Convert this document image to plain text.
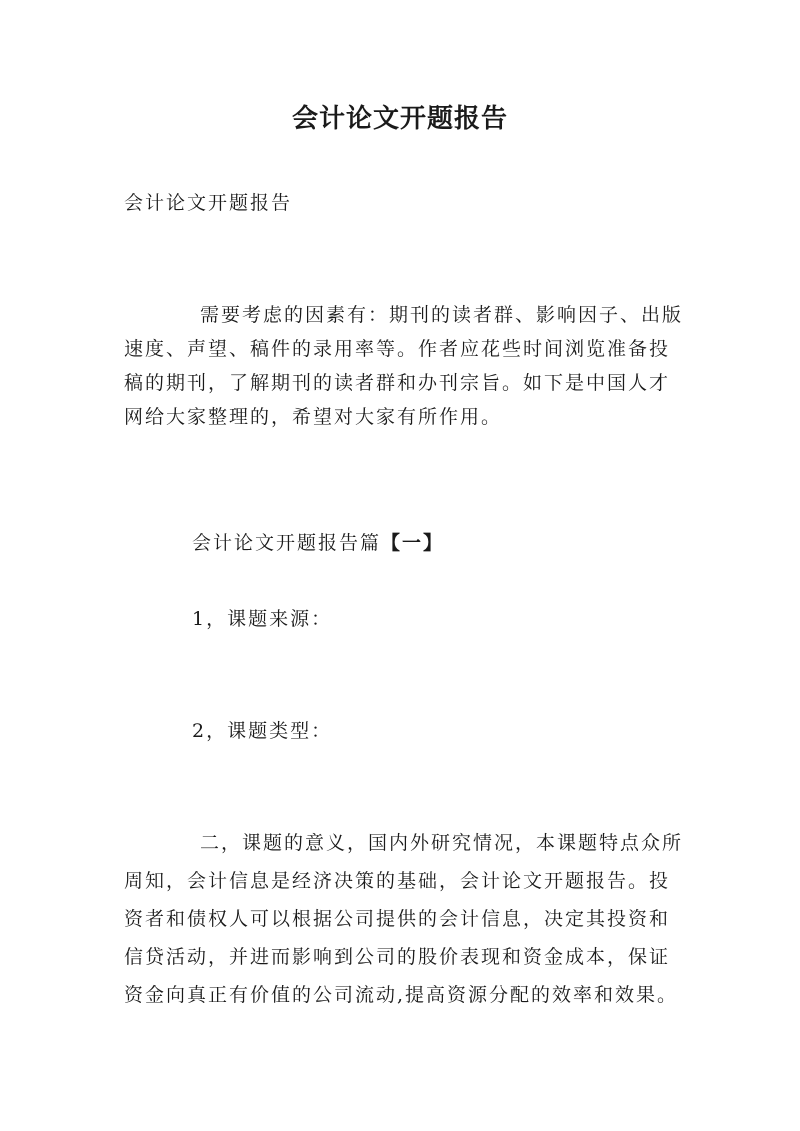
会计论文开题报告

会计论文开题报告

需要考虑的因素有：期刊的读者群、影响因子、出版速度、声望、稿件的录用率等。作者应花些时间浏览准备投稿的期刊，了解期刊的读者群和办刊宗旨。如下是中国人才网给大家整理的，希望对大家有所作用。

会计论文开题报告篇【一】

1，课题来源：

2，课题类型：

二，课题的意义，国内外研究情况，本课题特点众所周知，会计信息是经济决策的基础，会计论文开题报告。投资者和债权人可以根据公司提供的会计信息，决定其投资和信贷活动，并进而影响到公司的股价表现和资金成本，保证资金向真正有价值的公司流动,提高资源分配的效率和效果。
